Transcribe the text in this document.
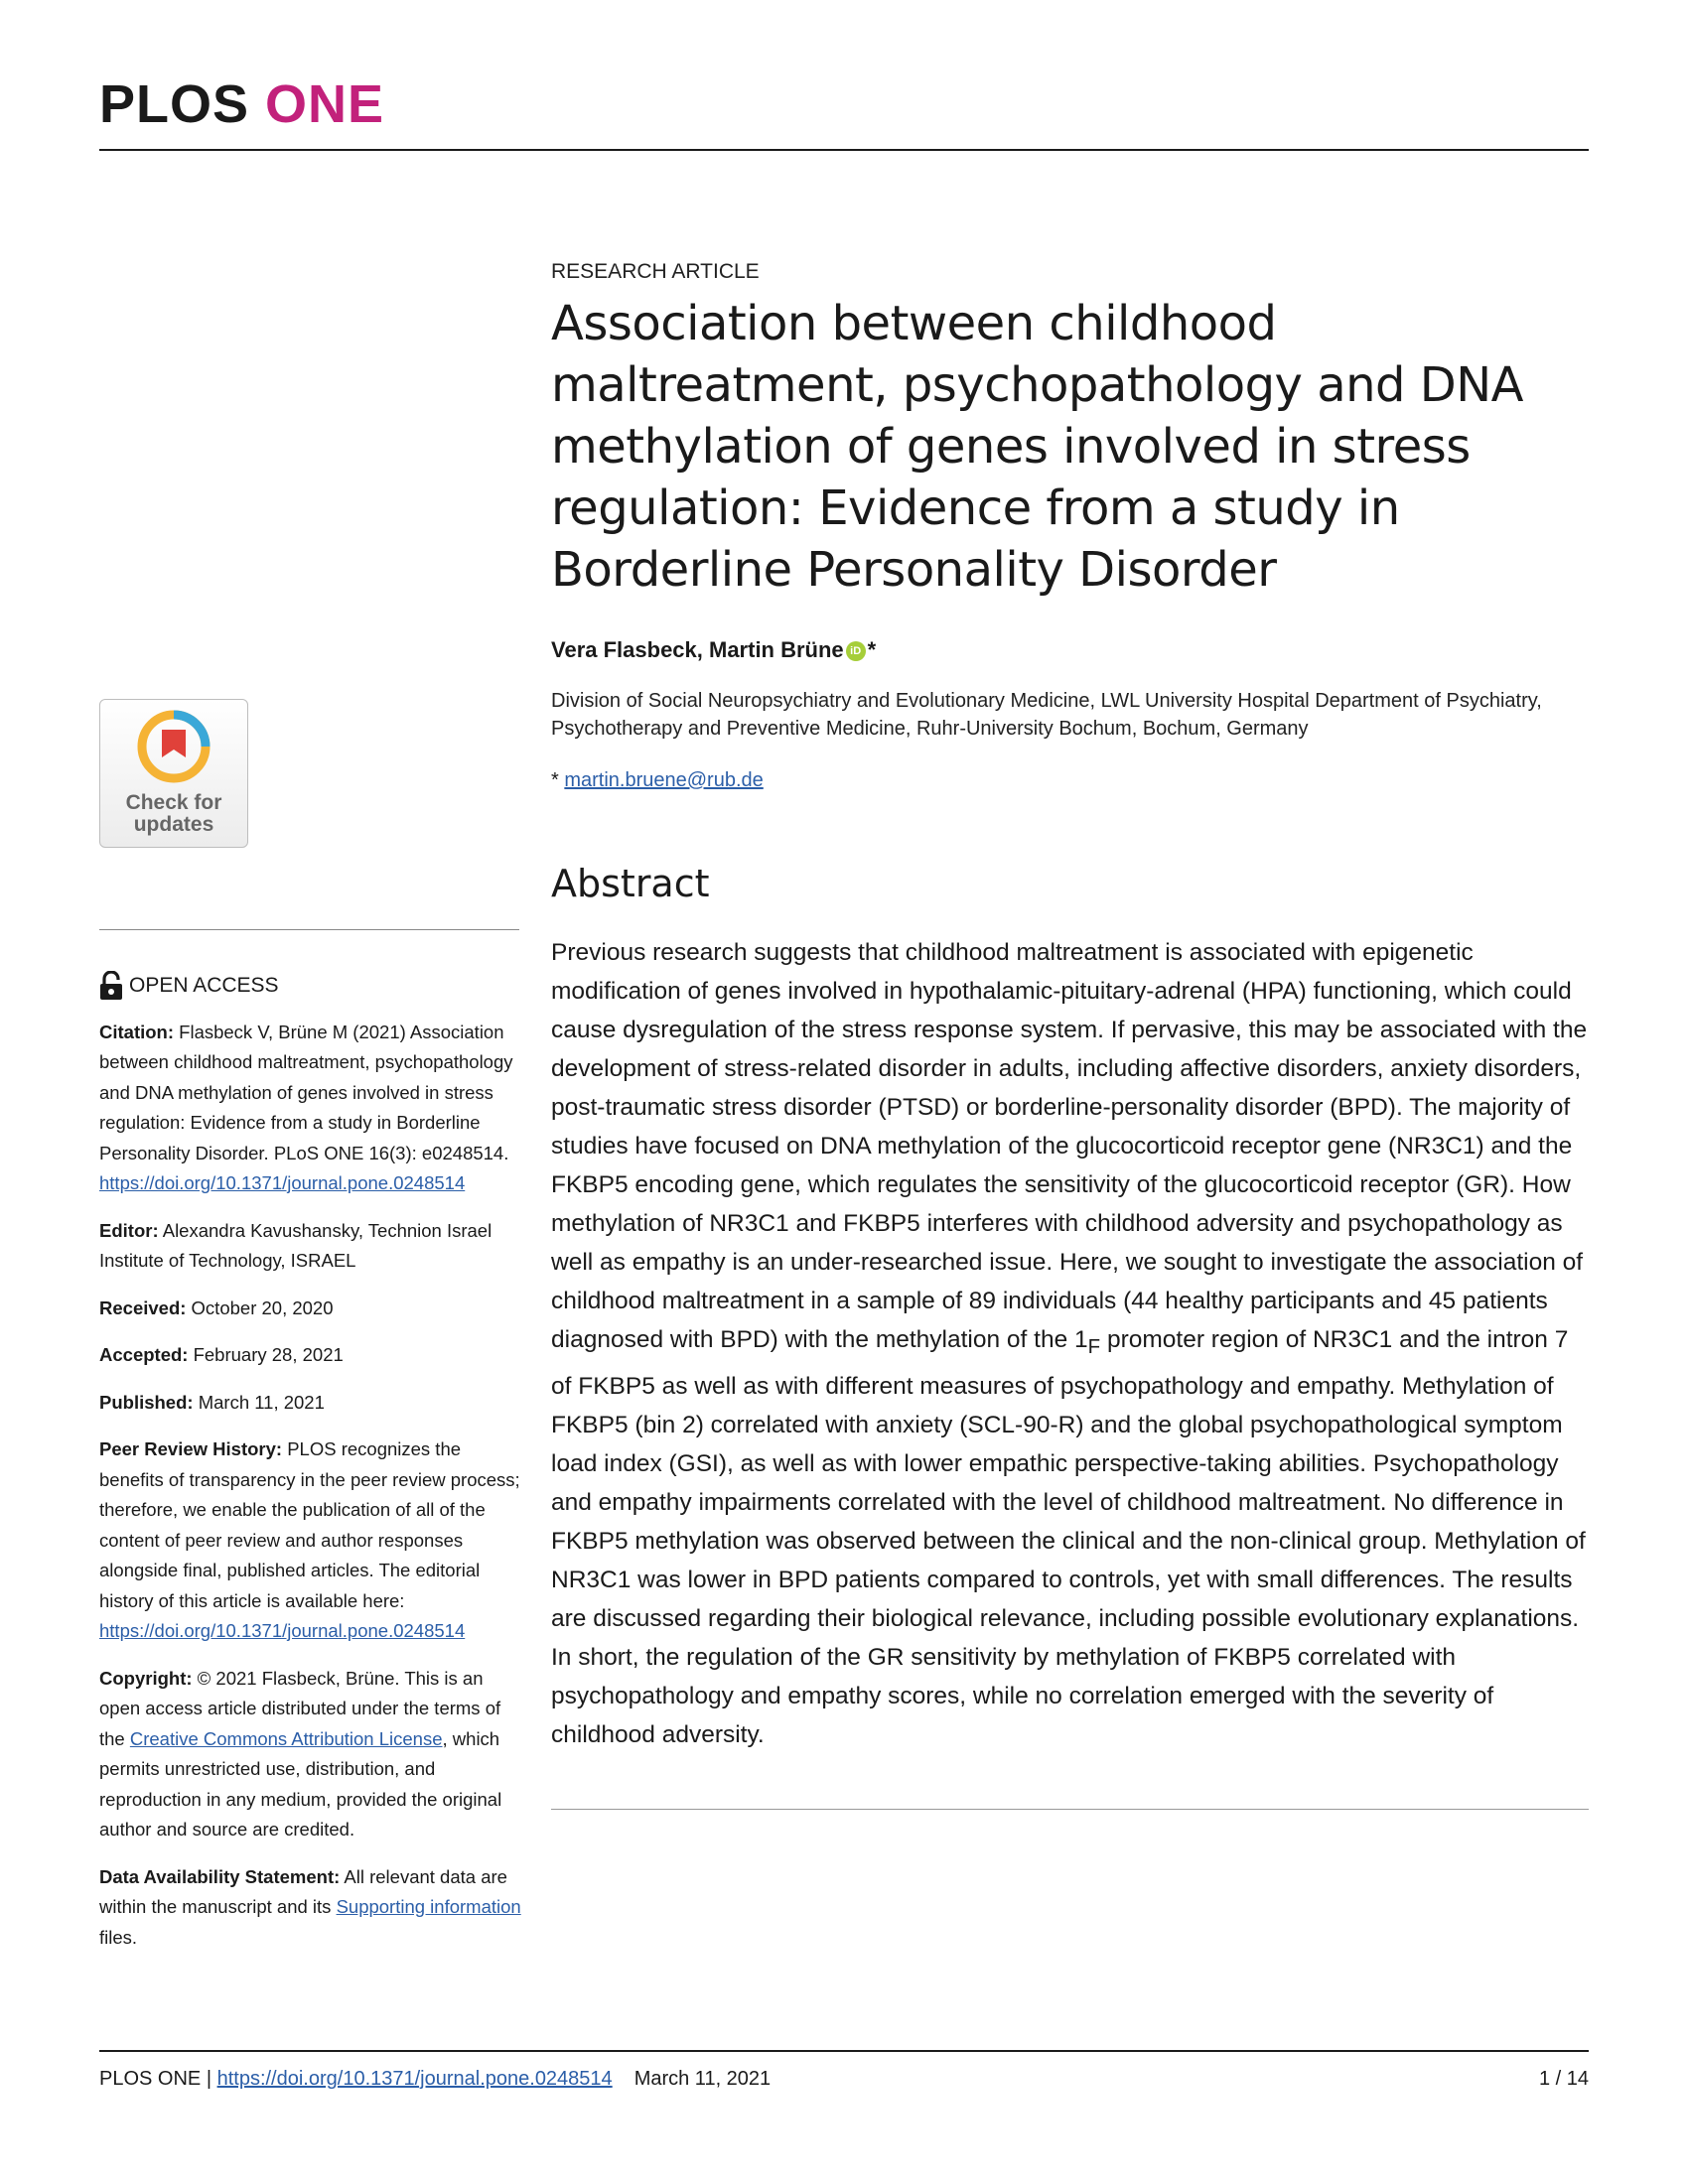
PLOS ONE
RESEARCH ARTICLE
Association between childhood maltreatment, psychopathology and DNA methylation of genes involved in stress regulation: Evidence from a study in Borderline Personality Disorder
Vera Flasbeck, Martin Brüne iD *
Division of Social Neuropsychiatry and Evolutionary Medicine, LWL University Hospital Department of Psychiatry, Psychotherapy and Preventive Medicine, Ruhr-University Bochum, Bochum, Germany
* martin.bruene@rub.de
Abstract

Previous research suggests that childhood maltreatment is associated with epigenetic modification of genes involved in hypothalamic-pituitary-adrenal (HPA) functioning, which could cause dysregulation of the stress response system. If pervasive, this may be associated with the development of stress-related disorder in adults, including affective disorders, anxiety disorders, post-traumatic stress disorder (PTSD) or borderline-personality disorder (BPD). The majority of studies have focused on DNA methylation of the glucocorticoid receptor gene (NR3C1) and the FKBP5 encoding gene, which regulates the sensitivity of the glucocorticoid receptor (GR). How methylation of NR3C1 and FKBP5 interferes with childhood adversity and psychopathology as well as empathy is an under-researched issue. Here, we sought to investigate the association of childhood maltreatment in a sample of 89 individuals (44 healthy participants and 45 patients diagnosed with BPD) with the methylation of the $1_F$ promoter region of NR3C1 and the intron 7 of FKBP5 as well as with different measures of psychopathology and empathy. Methylation of FKBP5 (bin 2) correlated with anxiety (SCL-90-R) and the global psychopathological symptom load index (GSI), as well as with lower empathic perspective-taking abilities. Psychopathology and empathy impairments correlated with the level of childhood maltreatment. No difference in FKBP5 methylation was observed between the clinical and the non-clinical group. Methylation of NR3C1 was lower in BPD patients compared to controls, yet with small differences. The results are discussed regarding their biological relevance, including possible evolutionary explanations. In short, the regulation of the GR sensitivity by methylation of FKBP5 correlated with psychopathology and empathy scores, while no correlation emerged with the severity of childhood adversity.

Check for
updates
OPEN ACCESS
Citation: Flasbeck V, Brüne M (2021) Association between childhood maltreatment, psychopathology and DNA methylation of genes involved in stress regulation: Evidence from a study in Borderline Personality Disorder. PLoS ONE 16(3): e0248514. https://doi.org/10.1371/journal.pone.0248514
Editor: Alexandra Kavushansky, Technion Israel Institute of Technology, ISRAEL
Received: October 20, 2020
Accepted: February 28, 2021
Published: March 11, 2021
Peer Review History: PLOS recognizes the benefits of transparency in the peer review process; therefore, we enable the publication of all of the content of peer review and author responses alongside final, published articles. The editorial history of this article is available here: https://doi.org/10.1371/journal.pone.0248514
Copyright: © 2021 Flasbeck, Brüne. This is an open access article distributed under the terms of the Creative Commons Attribution License, which permits unrestricted use, distribution, and reproduction in any medium, provided the original author and source are credited.
Data Availability Statement: All relevant data are within the manuscript and its Supporting information files.
PLOS ONE | https://doi.org/10.1371/journal.pone.0248514 March 11, 2021	1 / 14
